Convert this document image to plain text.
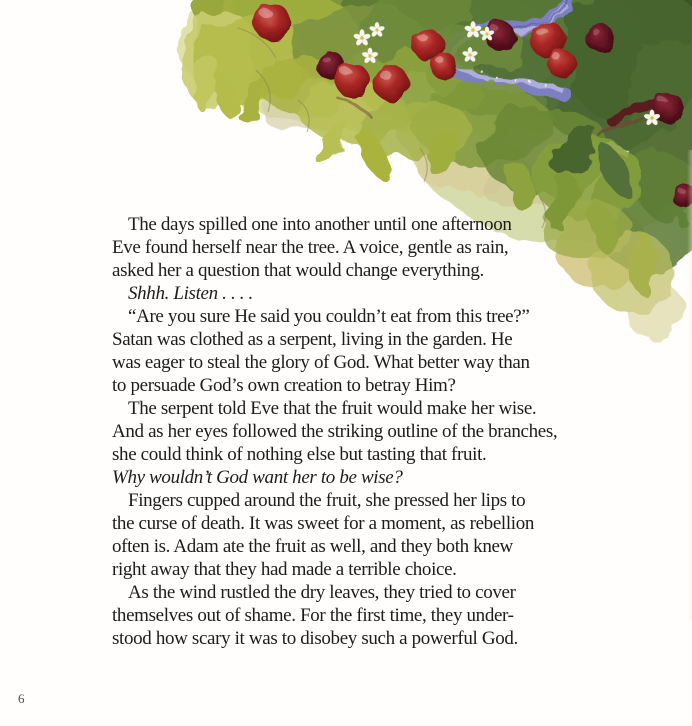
The days spilled one into another until one afternoon
Eve found herself near the tree. A voice, gentle as rain,
asked her a question that would change everything.
Shhh. Listen . . . .
“Are you sure He said you couldn’t eat from this tree?”
Satan was clothed as a serpent, living in the garden. He
was eager to steal the glory of God. What better way than
to persuade God’s own creation to betray Him?
The serpent told Eve that the fruit would make her wise.
And as her eyes followed the striking outline of the branches,
she could think of nothing else but tasting that fruit.
Why wouldn’t God want her to be wise?
Fingers cupped around the fruit, she pressed her lips to
the curse of death. It was sweet for a moment, as rebellion
often is. Adam ate the fruit as well, and they both knew
right away that they had made a terrible choice.
As the wind rustled the dry leaves, they tried to cover
themselves out of shame. For the first time, they under-
stood how scary it was to disobey such a powerful God.
6
